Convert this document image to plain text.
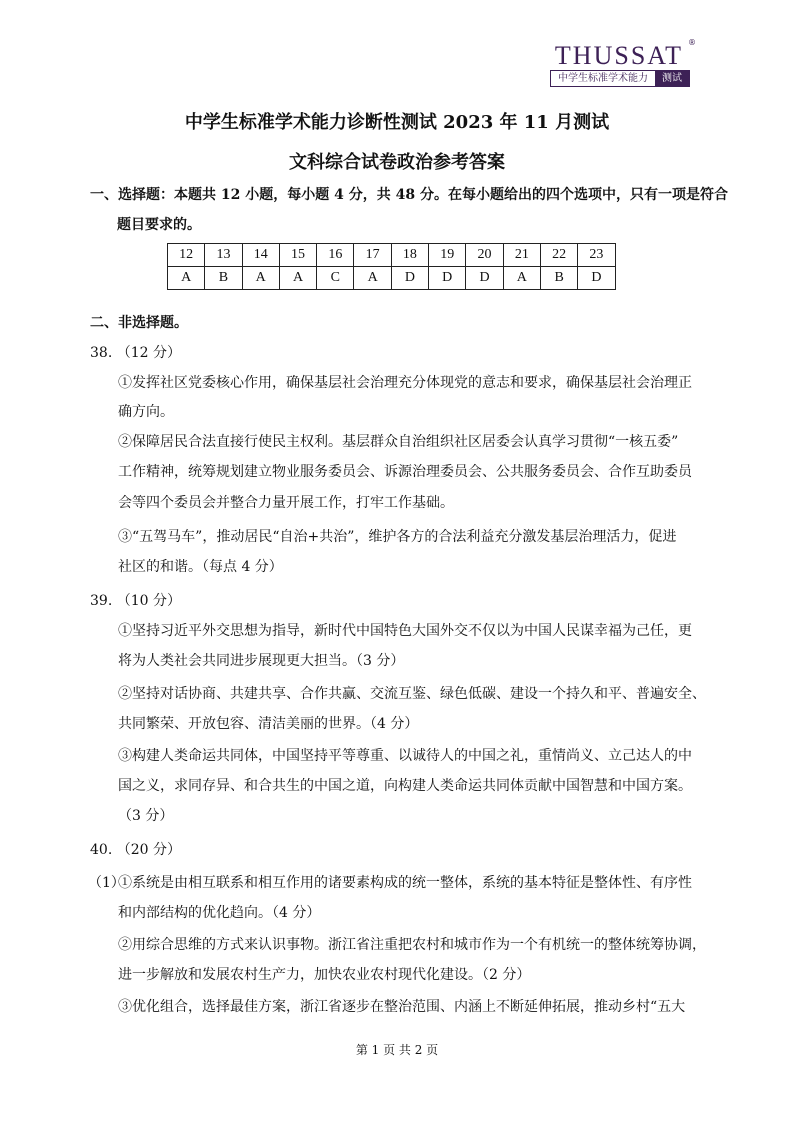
THUSSAT ®
中学生标准学术能力	测试
中学生标准学术能力诊断性测试 2023 年 11 月测试
文科综合试卷政治参考答案
一、选择题：本题共 12 小题，每小题 4 分，共 48 分。在每小题给出的四个选项中，只有一项是符合
题目要求的。
12	13	14	15	16	17	18	19	20	21	22	23
A	B	A	A	C	A	D	D	D	A	B	D
二、非选择题。
38. （12 分）
①发挥社区党委核心作用，确保基层社会治理充分体现党的意志和要求，确保基层社会治理正
确方向。
②保障居民合法直接行使民主权利。基层群众自治组织社区居委会认真学习贯彻“一核五委”
工作精神，统筹规划建立物业服务委员会、诉源治理委员会、公共服务委员会、合作互助委员
会等四个委员会并整合力量开展工作，打牢工作基础。
③“五驾马车”，推动居民“自治+共治”，维护各方的合法利益充分激发基层治理活力，促进
社区的和谐。（每点 4 分）
39. （10 分）
①坚持习近平外交思想为指导，新时代中国特色大国外交不仅以为中国人民谋幸福为己任，更
将为人类社会共同进步展现更大担当。（3 分）
②坚持对话协商、共建共享、合作共赢、交流互鉴、绿色低碳、建设一个持久和平、普遍安全、
共同繁荣、开放包容、清洁美丽的世界。（4 分）
③构建人类命运共同体，中国坚持平等尊重、以诚待人的中国之礼，重情尚义、立己达人的中
国之义，求同存异、和合共生的中国之道，向构建人类命运共同体贡献中国智慧和中国方案。
（3 分）
40. （20 分）
（1）
①系统是由相互联系和相互作用的诸要素构成的统一整体，系统的基本特征是整体性、有序性
和内部结构的优化趋向。（4 分）
②用综合思维的方式来认识事物。浙江省注重把农村和城市作为一个有机统一的整体统筹协调，
进一步解放和发展农村生产力，加快农业农村现代化建设。（2 分）
③优化组合，选择最佳方案，浙江省逐步在整治范围、内涵上不断延伸拓展，推动乡村“五大
第 1 页 共 2 页
